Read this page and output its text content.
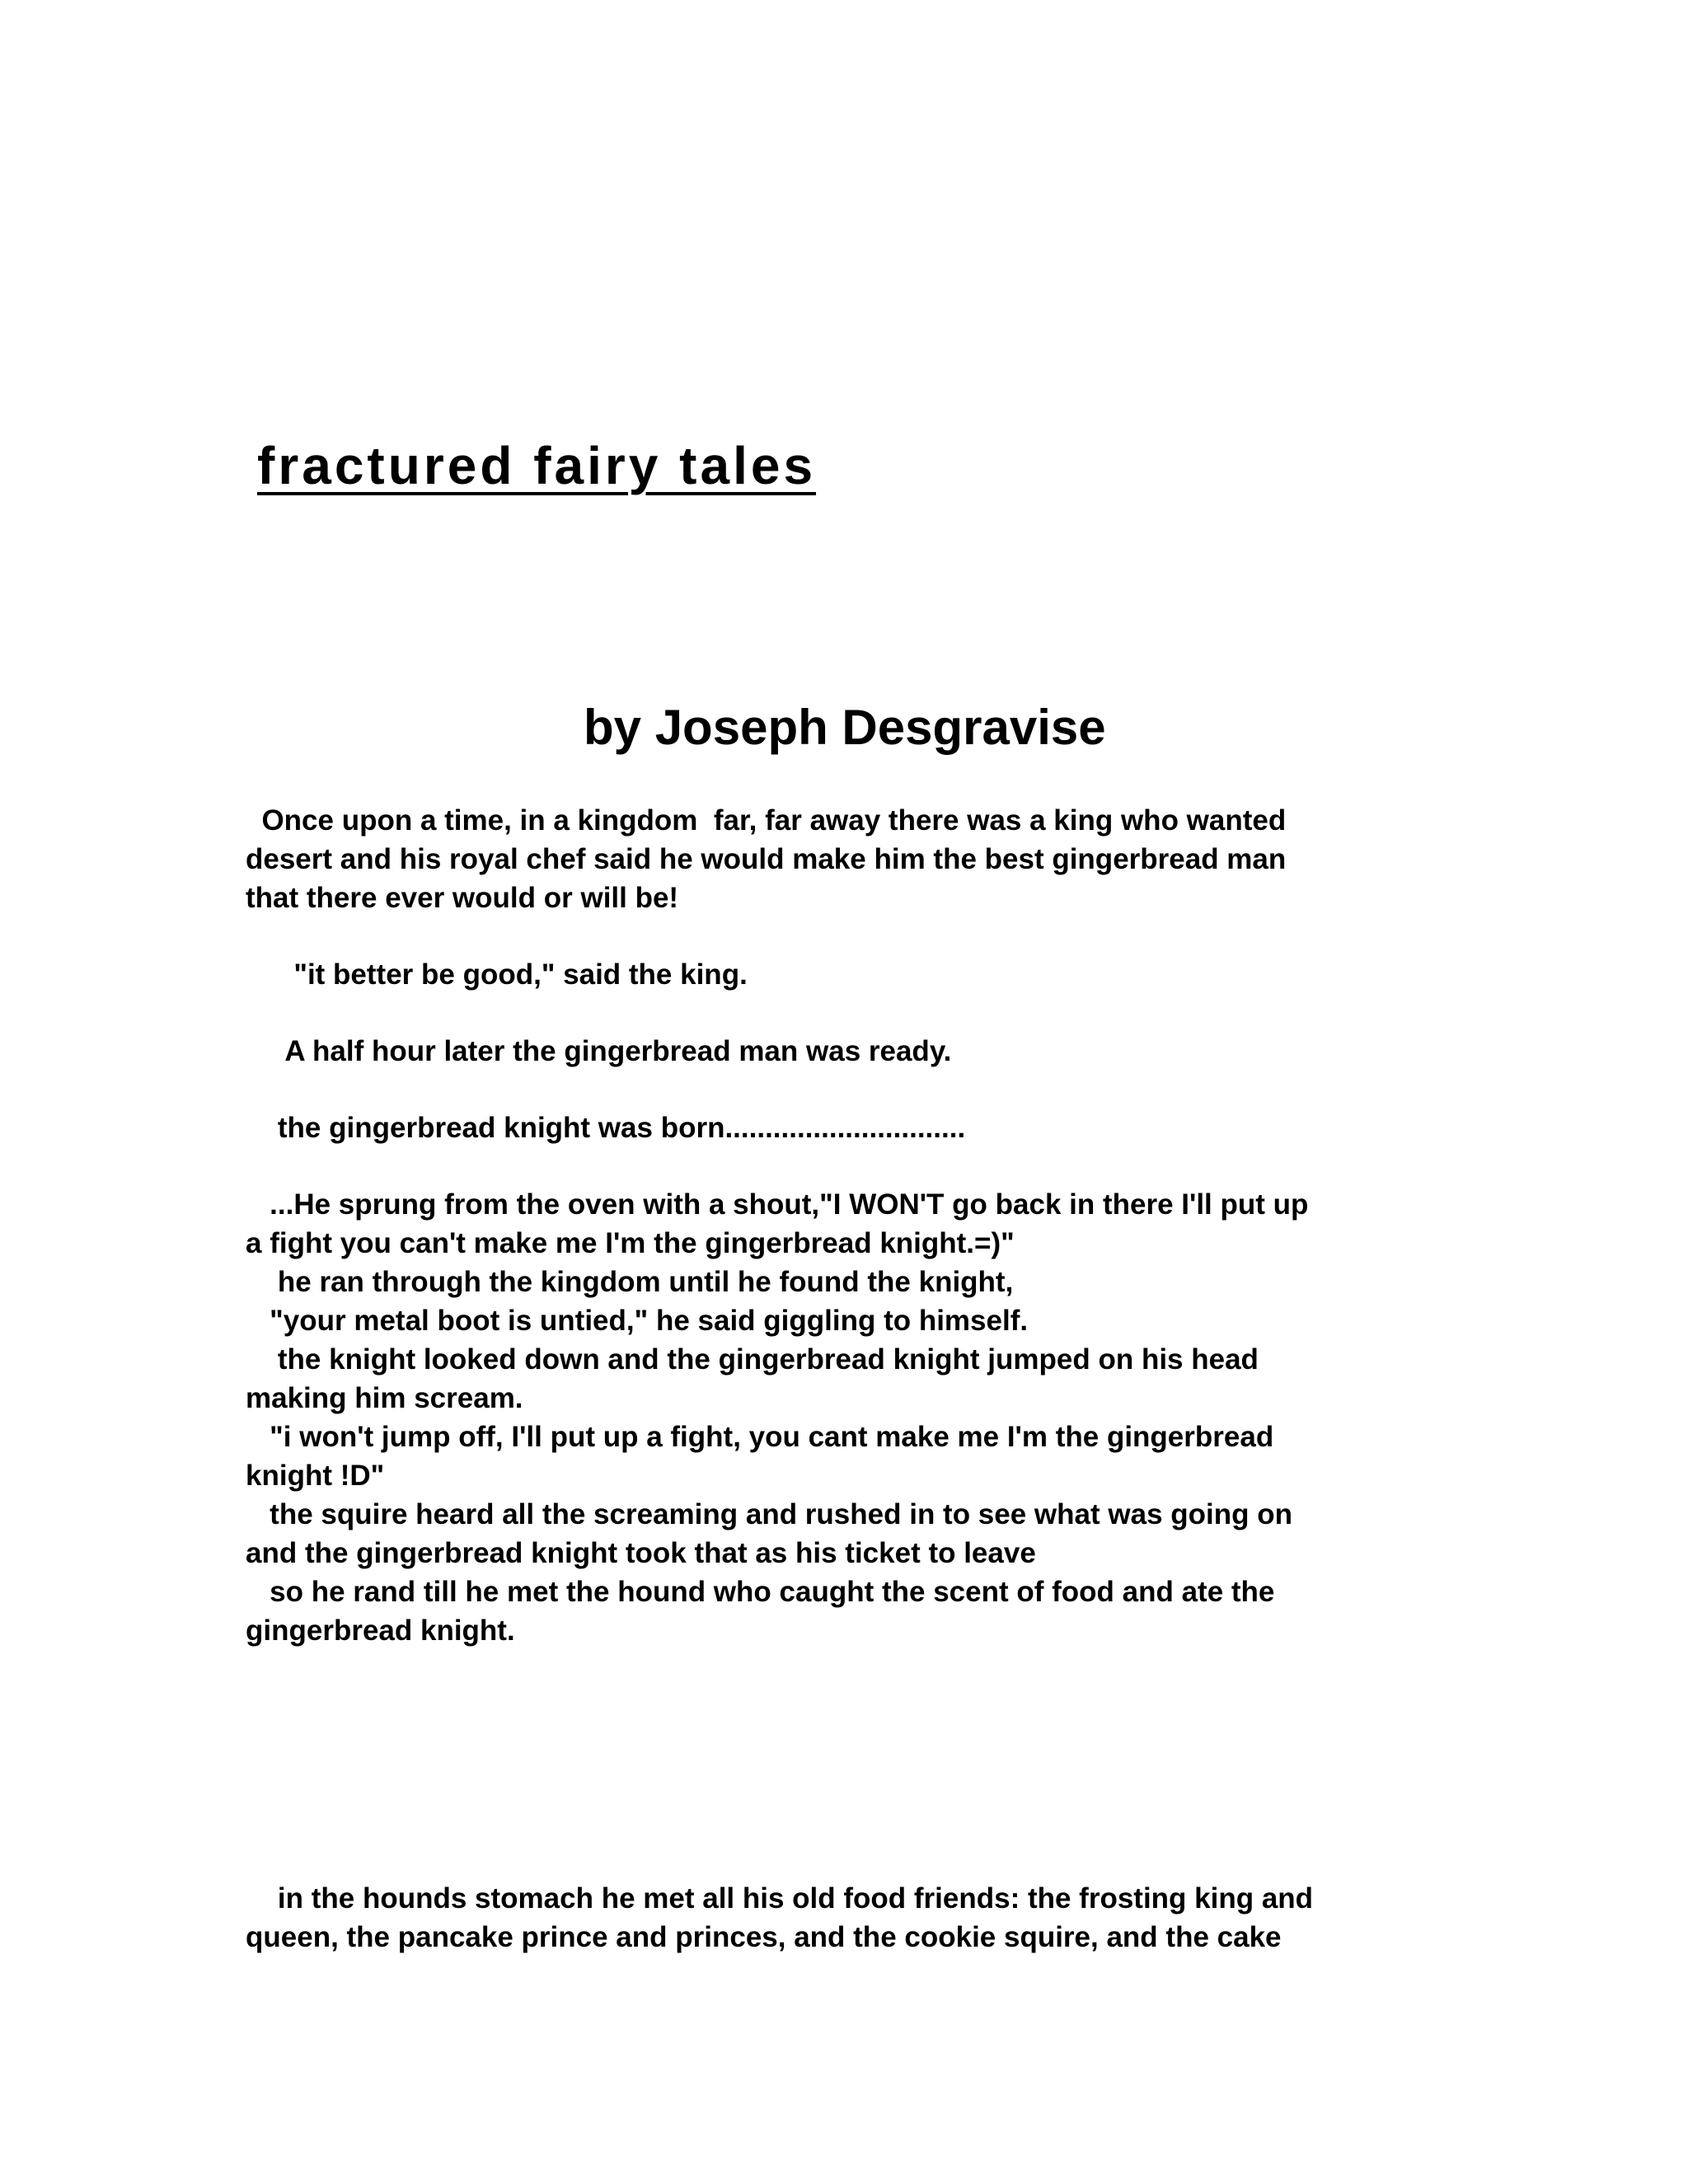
fractured fairy tales
by Joseph Desgravise

Once upon a time, in a kingdom  far, far away there was a king who wanted

desert and his royal chef said he would make him the best gingerbread man

that there ever would or will be!

"it better be good," said the king.

A half hour later the gingerbread man was ready.

the gingerbread knight was born..............................

...He sprung from the oven with a shout,"I WON'T go back in there I'll put up

a fight you can't make me I'm the gingerbread knight.=)"

he ran through the kingdom until he found the knight,

"your metal boot is untied," he said giggling to himself.

the knight looked down and the gingerbread knight jumped on his head

making him scream.

"i won't jump off, I'll put up a fight, you cant make me I'm the gingerbread

knight !D"

the squire heard all the screaming and rushed in to see what was going on

and the gingerbread knight took that as his ticket to leave

so he rand till he met the hound who caught the scent of food and ate the

gingerbread knight.

in the hounds stomach he met all his old food friends: the frosting king and

queen, the pancake prince and princes, and the cookie squire, and the cake
